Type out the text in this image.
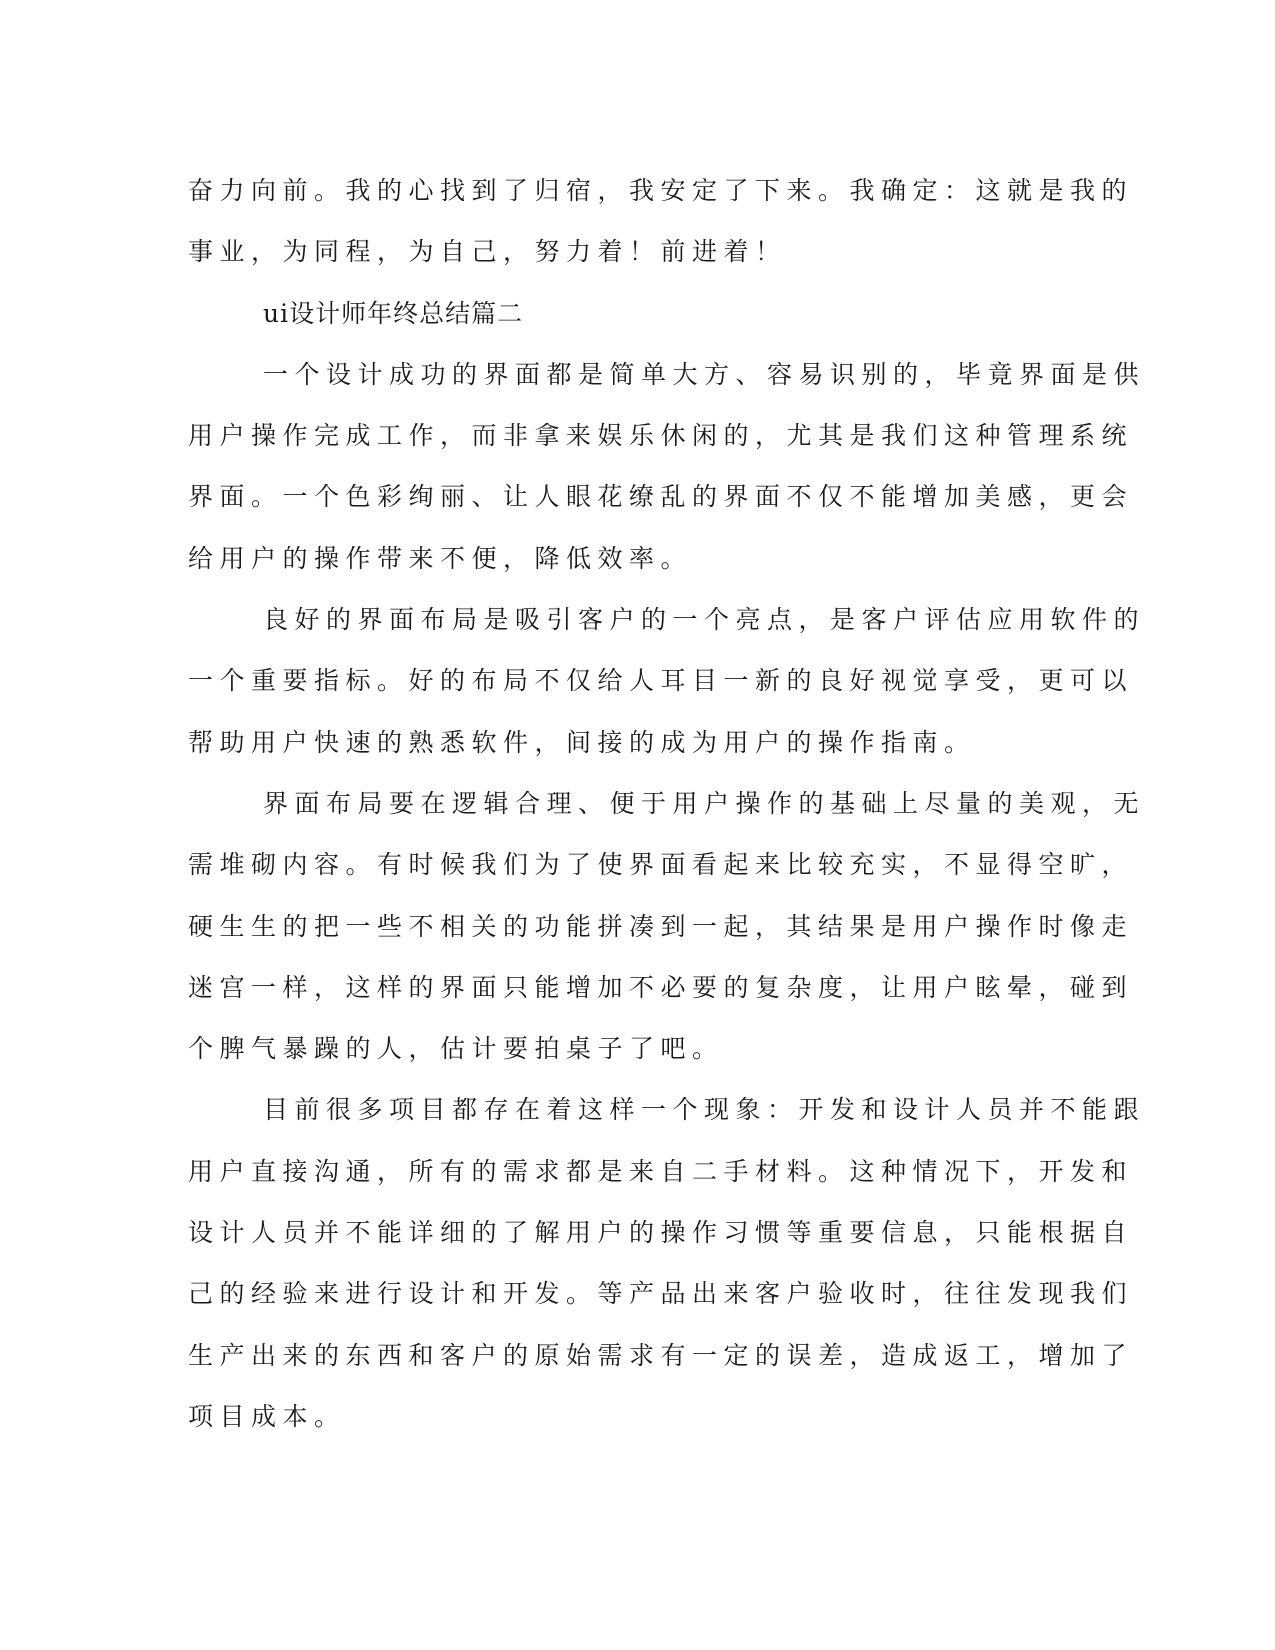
奋力向前。我的心找到了归宿，我安定了下来。我确定：这就是我的
事业，为同程，为自己，努力着！前进着！
ui设计师年终总结篇二
一个设计成功的界面都是简单大方、容易识别的，毕竟界面是供
用户操作完成工作，而非拿来娱乐休闲的，尤其是我们这种管理系统
界面。一个色彩绚丽、让人眼花缭乱的界面不仅不能增加美感，更会
给用户的操作带来不便，降低效率。
良好的界面布局是吸引客户的一个亮点，是客户评估应用软件的
一个重要指标。好的布局不仅给人耳目一新的良好视觉享受，更可以
帮助用户快速的熟悉软件，间接的成为用户的操作指南。
界面布局要在逻辑合理、便于用户操作的基础上尽量的美观，无
需堆砌内容。有时候我们为了使界面看起来比较充实，不显得空旷，
硬生生的把一些不相关的功能拼凑到一起，其结果是用户操作时像走
迷宫一样，这样的界面只能增加不必要的复杂度，让用户眩晕，碰到
个脾气暴躁的人，估计要拍桌子了吧。
目前很多项目都存在着这样一个现象：开发和设计人员并不能跟
用户直接沟通，所有的需求都是来自二手材料。这种情况下，开发和
设计人员并不能详细的了解用户的操作习惯等重要信息，只能根据自
己的经验来进行设计和开发。等产品出来客户验收时，往往发现我们
生产出来的东西和客户的原始需求有一定的误差，造成返工，增加了
项目成本。
